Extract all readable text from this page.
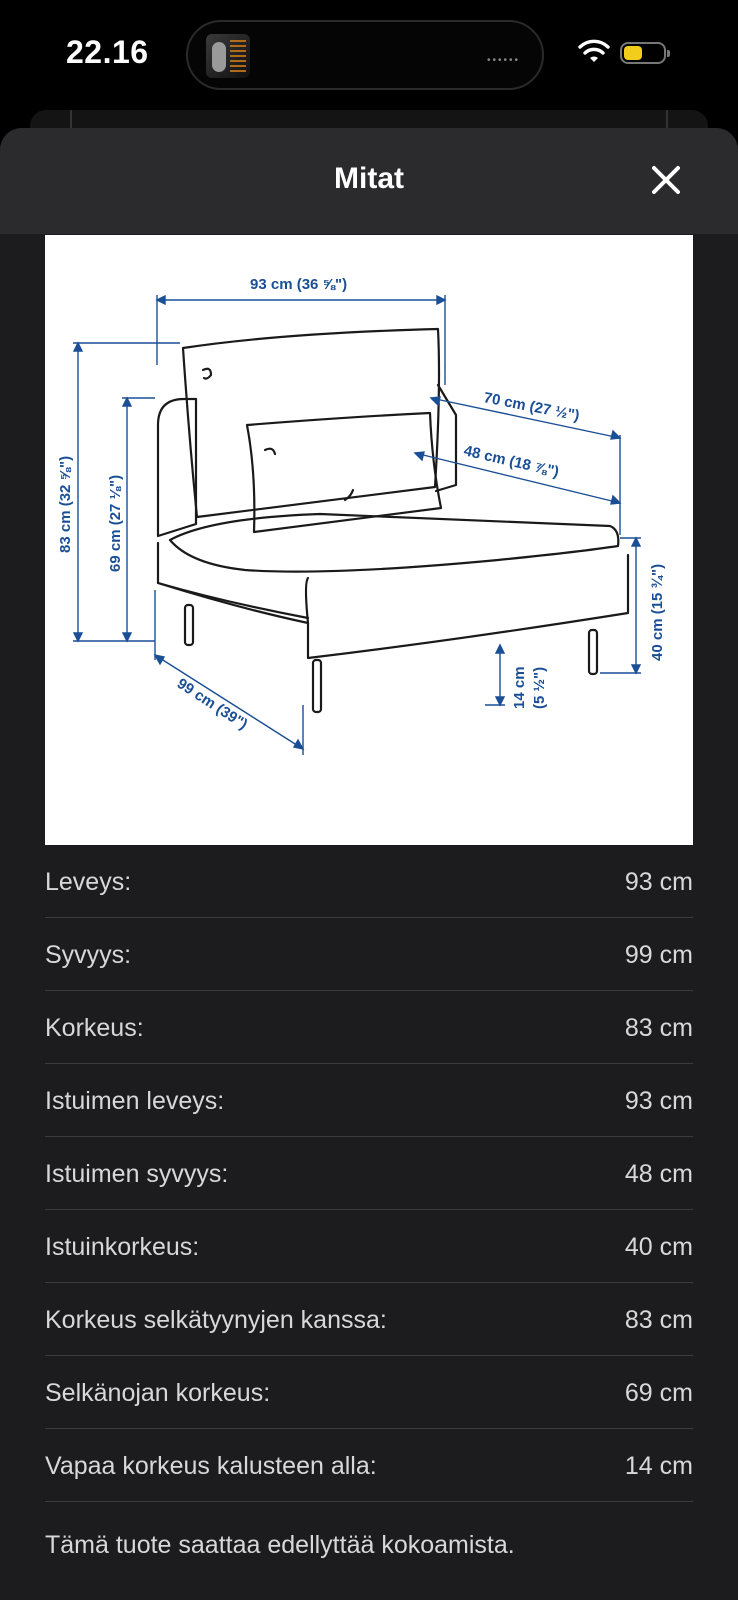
22.16	••••••
Mitat
93 cm (36 ⅝")
70 cm (27 ½")
48 cm (18 ⅞")
83 cm (32 ⅝") 69 cm (27 ⅛")
99 cm (39")	14 cm (5 ½")
40 cm (15 ¾")
Leveys:	93 cm
Syvyys:	99 cm
Korkeus:	83 cm
Istuimen leveys:	93 cm
Istuimen syvyys:	48 cm
Istuinkorkeus:	40 cm
Korkeus selkätyynyjen kanssa:	83 cm
Selkänojan korkeus:	69 cm
Vapaa korkeus kalusteen alla:	14 cm
Tämä tuote saattaa edellyttää kokoamista.
